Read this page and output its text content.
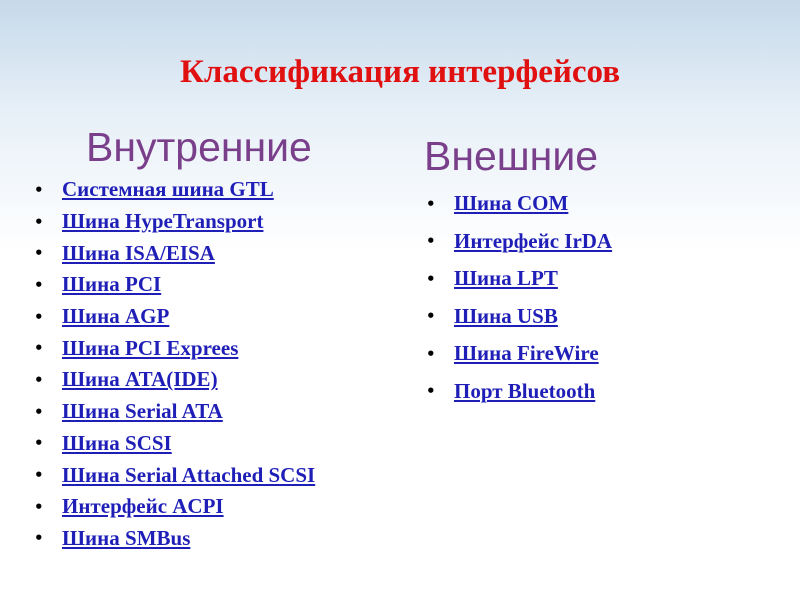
Классификация интерфейсов
Внутренние	Внешние
• Системная шина GTL
• Шина HypeTransport
• Шина ISA/EISA
• Шина PCI
• Шина AGP
• Шина PCI Exprees
• Шина ATA(IDE)
• Шина Serial ATA
• Шина SCSI
• Шина Serial Attached SCSI
• Интерфейс ACPI
• Шина SMBus
• Шина COM
• Интерфейс IrDA
• Шина LPT
• Шина USB
• Шина FireWire
• Порт Bluetooth
